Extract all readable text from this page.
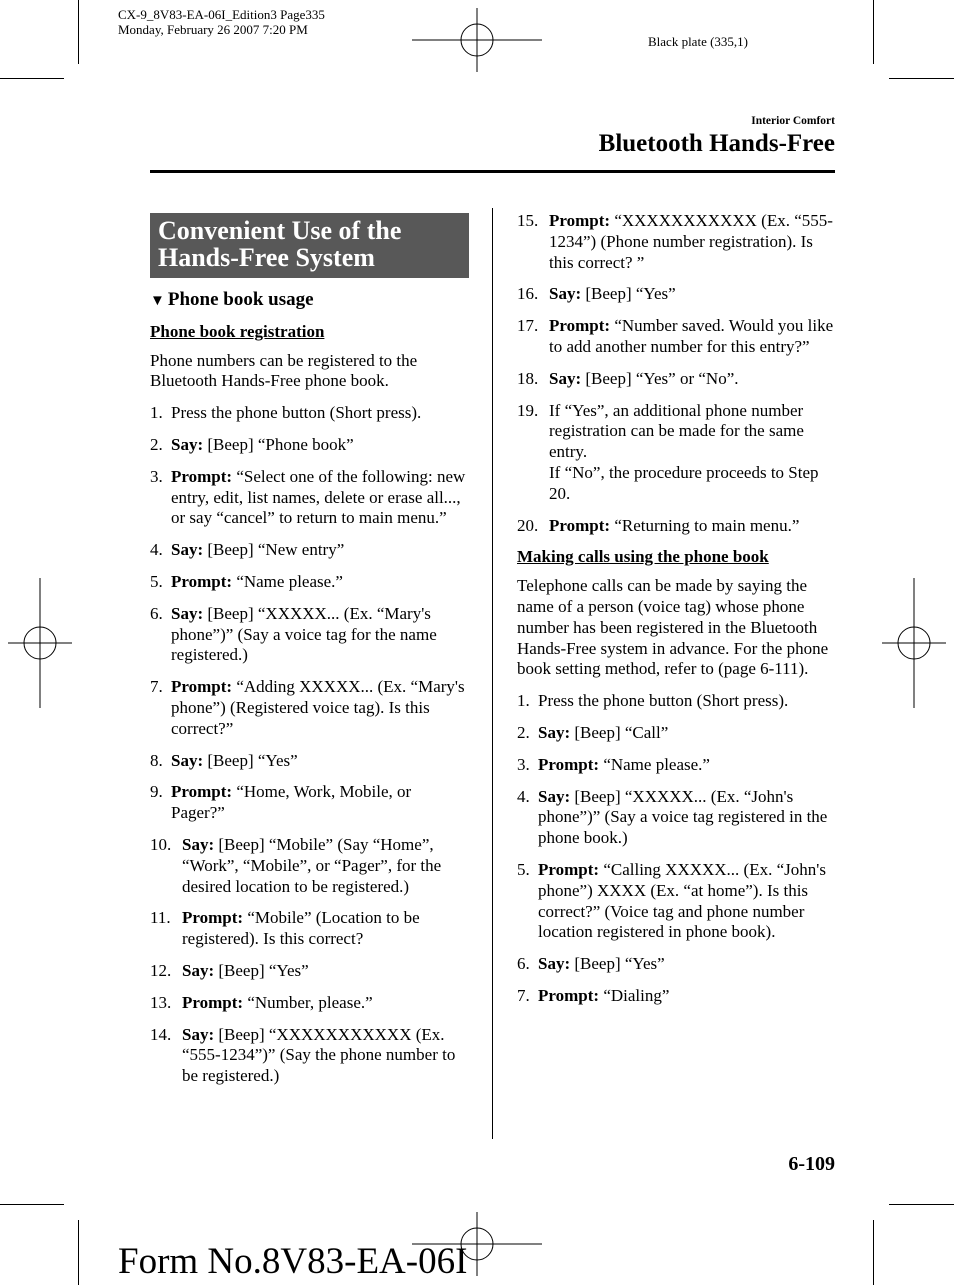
CX-9_8V83-EA-06I_Edition3 Page335
Monday, February 26 2007 7:20 PM
Black plate (335,1)
Interior Comfort
Bluetooth Hands-Free
Convenient Use of the
Hands-Free System
▼ Phone book usage
Phone book registration
Phone numbers can be registered to the Bluetooth Hands-Free phone book.
1. Press the phone button (Short press).
2. Say: [Beep] “Phone book”
3. Prompt: “Select one of the following: new entry, edit, list names, delete or erase all..., or say “cancel” to return to main menu.”
4. Say: [Beep] “New entry”
5. Prompt: “Name please.”
6. Say: [Beep] “XXXXX... (Ex. “Mary's phone”)” (Say a voice tag for the name registered.)
7. Prompt: “Adding XXXXX... (Ex. “Mary's phone”) (Registered voice tag). Is this correct?”
8. Say: [Beep] “Yes”
9. Prompt: “Home, Work, Mobile, or Pager?”
10. Say: [Beep] “Mobile” (Say “Home”, “Work”, “Mobile”, or “Pager”, for the desired location to be registered.)
11. Prompt: “Mobile” (Location to be registered). Is this correct?
12. Say: [Beep] “Yes”
13. Prompt: “Number, please.”
14. Say: [Beep] “XXXXXXXXXXX (Ex. “555-1234”)” (Say the phone number to be registered.)
15. Prompt: “XXXXXXXXXXX (Ex. “555-1234”) (Phone number registration). Is this correct? ”
16. Say: [Beep] “Yes”
17. Prompt: “Number saved. Would you like to add another number for this entry?”
18. Say: [Beep] “Yes” or “No”.
19. If “Yes”, an additional phone number registration can be made for the same entry.
If “No”, the procedure proceeds to Step 20.
20. Prompt: “Returning to main menu.”
Making calls using the phone book
Telephone calls can be made by saying the name of a person (voice tag) whose phone number has been registered in the Bluetooth Hands-Free system in advance. For the phone book setting method, refer to (page 6-111).
1. Press the phone button (Short press).
2. Say: [Beep] “Call”
3. Prompt: “Name please.”
4. Say: [Beep] “XXXXX... (Ex. “John's phone”)” (Say a voice tag registered in the phone book.)
5. Prompt: “Calling XXXXX... (Ex. “John's phone”) XXXX (Ex. “at home”). Is this correct?” (Voice tag and phone number location registered in phone book).
6. Say: [Beep] “Yes”
7. Prompt: “Dialing”
6-109
Form No.8V83-EA-06I
